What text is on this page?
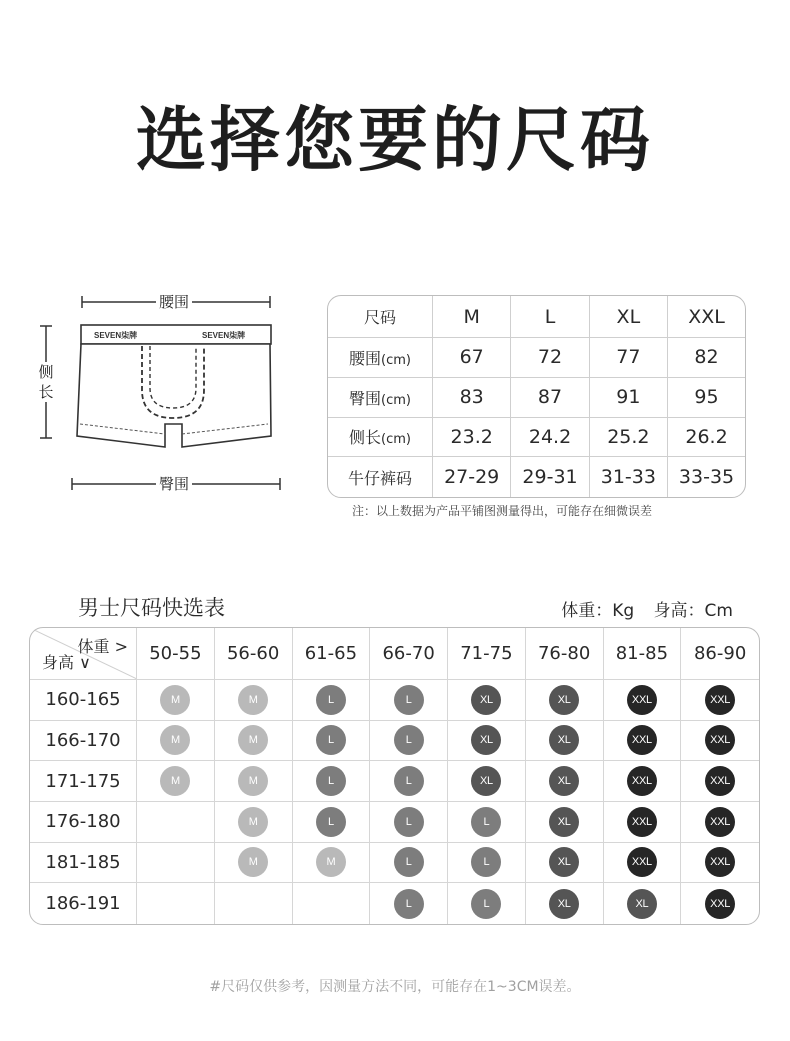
选择您要的尺码
腰围
臀围
侧
长
SEVEN柒牌	SEVEN柒牌
尺码	M	L	XL	XXL
腰围(cm)	67	72	77	82
臀围(cm)	83	87	91	95
侧长(cm)	23.2	24.2	25.2	26.2
牛仔裤码	27-29	29-31	31-33	33-35
注：以上数据为产品平铺图测量得出，可能存在细微误差
男士尺码快选表	体重：Kg 身高：Cm
体重 >
身高 ∨	50-55	56-60	61-65	66-70	71-75	76-80	81-85	86-90
160-165	M	M	L	L	XL	XL	XXL	XXL
166-170	M	M	L	L	XL	XL	XXL	XXL
171-175	M	M	L	L	XL	XL	XXL	XXL
176-180		M	L	L	L	XL	XXL	XXL
181-185		M	M	L	L	XL	XXL	XXL
186-191				L	L	XL	XL	XXL
#尺码仅供参考，因测量方法不同，可能存在1~3CM误差。
